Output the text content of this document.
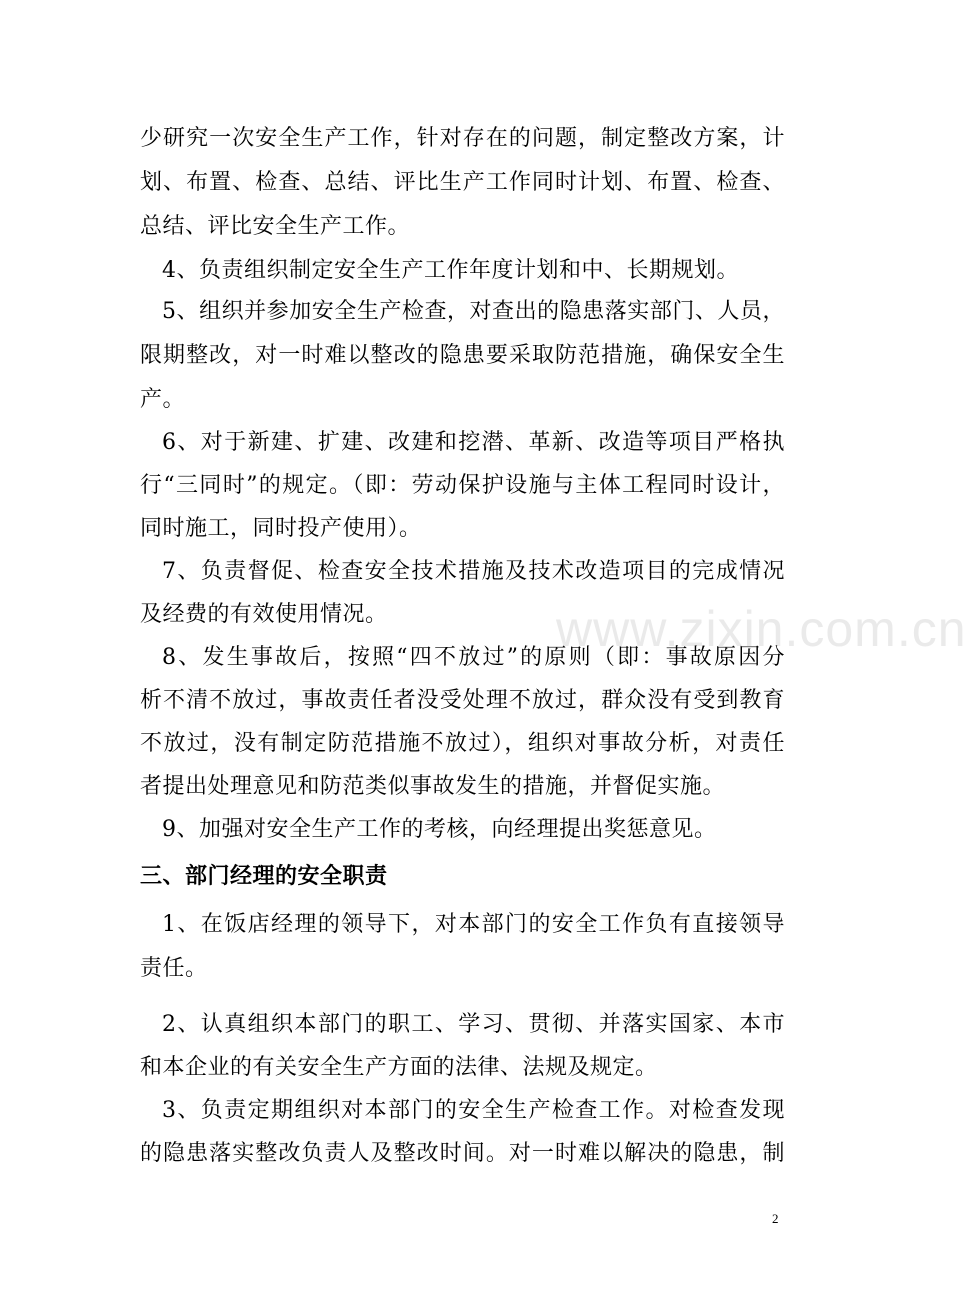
www.zixin.com.cn
少研究一次安全生产工作，针对存在的问题，制定整改方案，计
划、布置、检查、总结、评比生产工作同时计划、布置、检查、
总结、评比安全生产工作。
4、负责组织制定安全生产工作年度计划和中、长期规划。
5、组织并参加安全生产检查，对查出的隐患落实部门、人员，
限期整改，对一时难以整改的隐患要采取防范措施，确保安全生
产。
6、对于新建、扩建、改建和挖潜、革新、改造等项目严格执
行“三同时”的规定。（即：劳动保护设施与主体工程同时设计，
同时施工，同时投产使用）。
7、负责督促、检查安全技术措施及技术改造项目的完成情况
及经费的有效使用情况。
8、发生事故后，按照“四不放过”的原则（即：事故原因分
析不清不放过，事故责任者没受处理不放过，群众没有受到教育
不放过，没有制定防范措施不放过），组织对事故分析，对责任
者提出处理意见和防范类似事故发生的措施，并督促实施。
9、加强对安全生产工作的考核，向经理提出奖惩意见。
三、部门经理的安全职责
1、在饭店经理的领导下，对本部门的安全工作负有直接领导
责任。
2、认真组织本部门的职工、学习、贯彻、并落实国家、本市
和本企业的有关安全生产方面的法律、法规及规定。
3、负责定期组织对本部门的安全生产检查工作。对检查发现
的隐患落实整改负责人及整改时间。对一时难以解决的隐患，制
2
